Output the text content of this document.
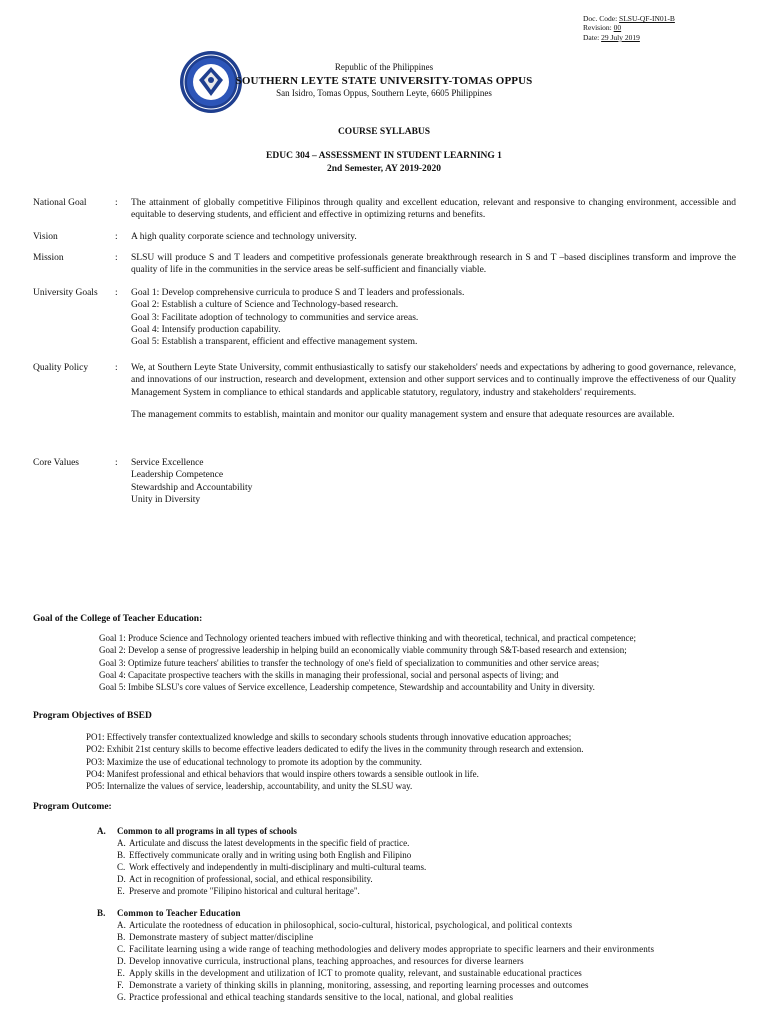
Doc. Code: SLSU-QF-IN01-B
Revision: 00
Date: 29 July 2019
Republic of the Philippines
SOUTHERN LEYTE STATE UNIVERSITY-TOMAS OPPUS
San Isidro, Tomas Oppus, Southern Leyte, 6605 Philippines
COURSE SYLLABUS
EDUC 304 – ASSESSMENT IN STUDENT LEARNING 1
2nd Semester, AY 2019-2020
National Goal	:	The attainment of globally competitive Filipinos through quality and excellent education, relevant and responsive to changing environment, accessible and equitable to deserving students, and efficient and effective in optimizing returns and benefits.
Vision	:	A high quality corporate science and technology university.
Mission	:	SLSU will produce S and T leaders and competitive professionals generate breakthrough research in S and T –based disciplines transform and improve the quality of life in the communities in the service areas be self-sufficient and financially viable.
University Goals	:	Goal 1: Develop comprehensive curricula to produce S and T leaders and professionals.
Goal 2: Establish a culture of Science and Technology-based research.
Goal 3: Facilitate adoption of technology to communities and service areas.
Goal 4: Intensify production capability.
Goal 5: Establish a transparent, efficient and effective management system.
Quality Policy	:	We, at Southern Leyte State University, commit enthusiastically to satisfy our stakeholders' needs and expectations by adhering to good governance, relevance, and innovations of our instruction, research and development, extension and other support services and to continually improve the effectiveness of our Quality Management System in compliance to ethical standards and applicable statutory, regulatory, industry and stakeholders' requirements.

The management commits to establish, maintain and monitor our quality management system and ensure that adequate resources are available.

Core Values	:	Service Excellence
Leadership Competence
Stewardship and Accountability
Unity in Diversity
Goal of the College of Teacher Education:
Goal 1: Produce Science and Technology oriented teachers imbued with reflective thinking and with theoretical, technical, and practical competence;
Goal 2: Develop a sense of progressive leadership in helping build an economically viable community through S&T-based research and extension;
Goal 3: Optimize future teachers' abilities to transfer the technology of one's field of specialization to communities and other service areas;
Goal 4: Capacitate prospective teachers with the skills in managing their professional, social and personal aspects of living; and
Goal 5: Imbibe SLSU's core values of Service excellence, Leadership competence, Stewardship and accountability and Unity in diversity.
Program Objectives of BSED
PO1: Effectively transfer contextualized knowledge and skills to secondary schools students through innovative education approaches;
PO2: Exhibit 21st century skills to become effective leaders dedicated to edify the lives in the community through research and extension.
PO3: Maximize the use of educational technology to promote its adoption by the community.
PO4: Manifest professional and ethical behaviors that would inspire others towards a sensible outlook in life.
PO5: Internalize the values of service, leadership, accountability, and unity the SLSU way.
Program Outcome:
A. Common to all programs in all types of schools
A. Articulate and discuss the latest developments in the specific field of practice.
B. Effectively communicate orally and in writing using both English and Filipino
C. Work effectively and independently in multi-disciplinary and multi-cultural teams.
D. Act in recognition of professional, social, and ethical responsibility.
E. Preserve and promote "Filipino historical and cultural heritage".
B. Common to Teacher Education
A. Articulate the rootedness of education in philosophical, socio-cultural, historical, psychological, and political contexts
B. Demonstrate mastery of subject matter/discipline
C. Facilitate learning using a wide range of teaching methodologies and delivery modes appropriate to specific learners and their environments
D. Develop innovative curricula, instructional plans, teaching approaches, and resources for diverse learners
E. Apply skills in the development and utilization of ICT to promote quality, relevant, and sustainable educational practices
F. Demonstrate a variety of thinking skills in planning, monitoring, assessing, and reporting learning processes and outcomes
G. Practice professional and ethical teaching standards sensitive to the local, national, and global realities
